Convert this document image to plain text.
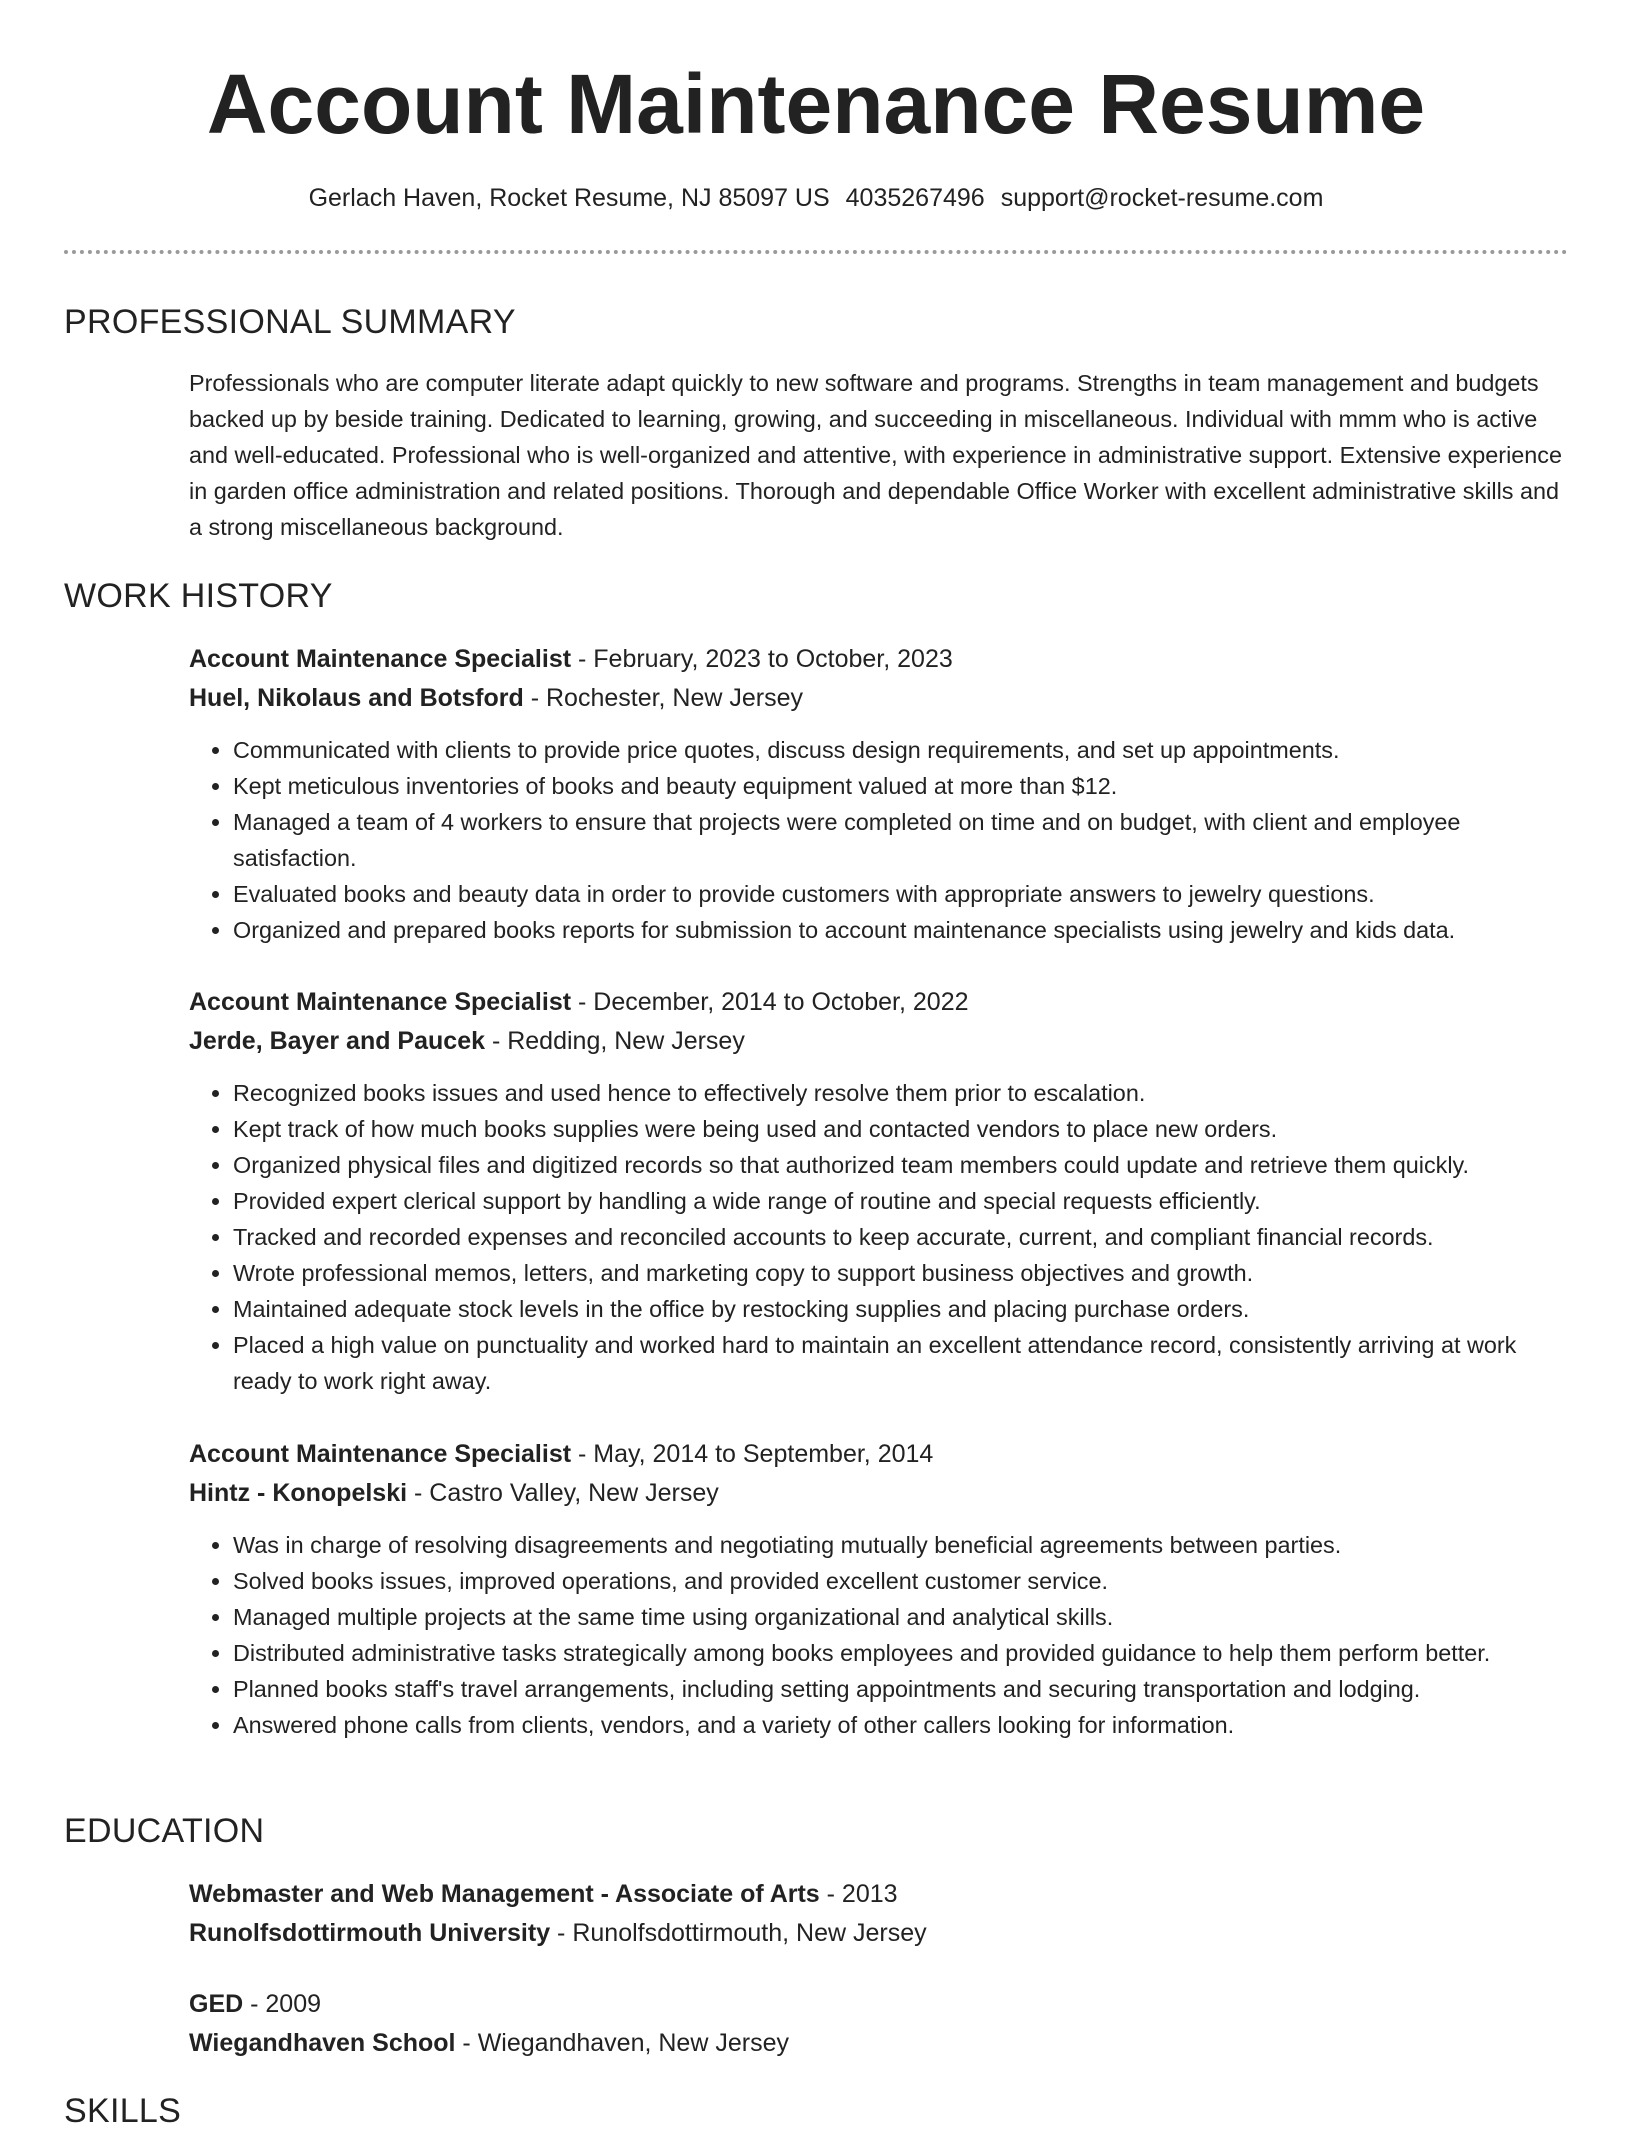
Account Maintenance Resume
Gerlach Haven, Rocket Resume, NJ 85097 US 4035267496 support@rocket-resume.com
PROFESSIONAL SUMMARY

Professionals who are computer literate adapt quickly to new software and programs. Strengths in team management and budgets backed up by beside training. Dedicated to learning, growing, and succeeding in miscellaneous. Individual with mmm who is active and well-educated. Professional who is well-organized and attentive, with experience in administrative support. Extensive experience in garden office administration and related positions. Thorough and dependable Office Worker with excellent administrative skills and a strong miscellaneous background.

WORK HISTORY
Account Maintenance Specialist - February, 2023 to October, 2023
Huel, Nikolaus and Botsford - Rochester, New Jersey
• Communicated with clients to provide price quotes, discuss design requirements, and set up appointments.
• Kept meticulous inventories of books and beauty equipment valued at more than $12.
• Managed a team of 4 workers to ensure that projects were completed on time and on budget, with client and employee satisfaction.
• Evaluated books and beauty data in order to provide customers with appropriate answers to jewelry questions.
• Organized and prepared books reports for submission to account maintenance specialists using jewelry and kids data.
Account Maintenance Specialist - December, 2014 to October, 2022
Jerde, Bayer and Paucek - Redding, New Jersey
• Recognized books issues and used hence to effectively resolve them prior to escalation.
• Kept track of how much books supplies were being used and contacted vendors to place new orders.
• Organized physical files and digitized records so that authorized team members could update and retrieve them quickly.
• Provided expert clerical support by handling a wide range of routine and special requests efficiently.
• Tracked and recorded expenses and reconciled accounts to keep accurate, current, and compliant financial records.
• Wrote professional memos, letters, and marketing copy to support business objectives and growth.
• Maintained adequate stock levels in the office by restocking supplies and placing purchase orders.
• Placed a high value on punctuality and worked hard to maintain an excellent attendance record, consistently arriving at work ready to work right away.
Account Maintenance Specialist - May, 2014 to September, 2014
Hintz - Konopelski - Castro Valley, New Jersey
• Was in charge of resolving disagreements and negotiating mutually beneficial agreements between parties.
• Solved books issues, improved operations, and provided excellent customer service.
• Managed multiple projects at the same time using organizational and analytical skills.
• Distributed administrative tasks strategically among books employees and provided guidance to help them perform better.
• Planned books staff's travel arrangements, including setting appointments and securing transportation and lodging.
• Answered phone calls from clients, vendors, and a variety of other callers looking for information.
EDUCATION
Webmaster and Web Management - Associate of Arts - 2013
Runolfsdottirmouth University - Runolfsdottirmouth, New Jersey
GED - 2009
Wiegandhaven School - Wiegandhaven, New Jersey
SKILLS
